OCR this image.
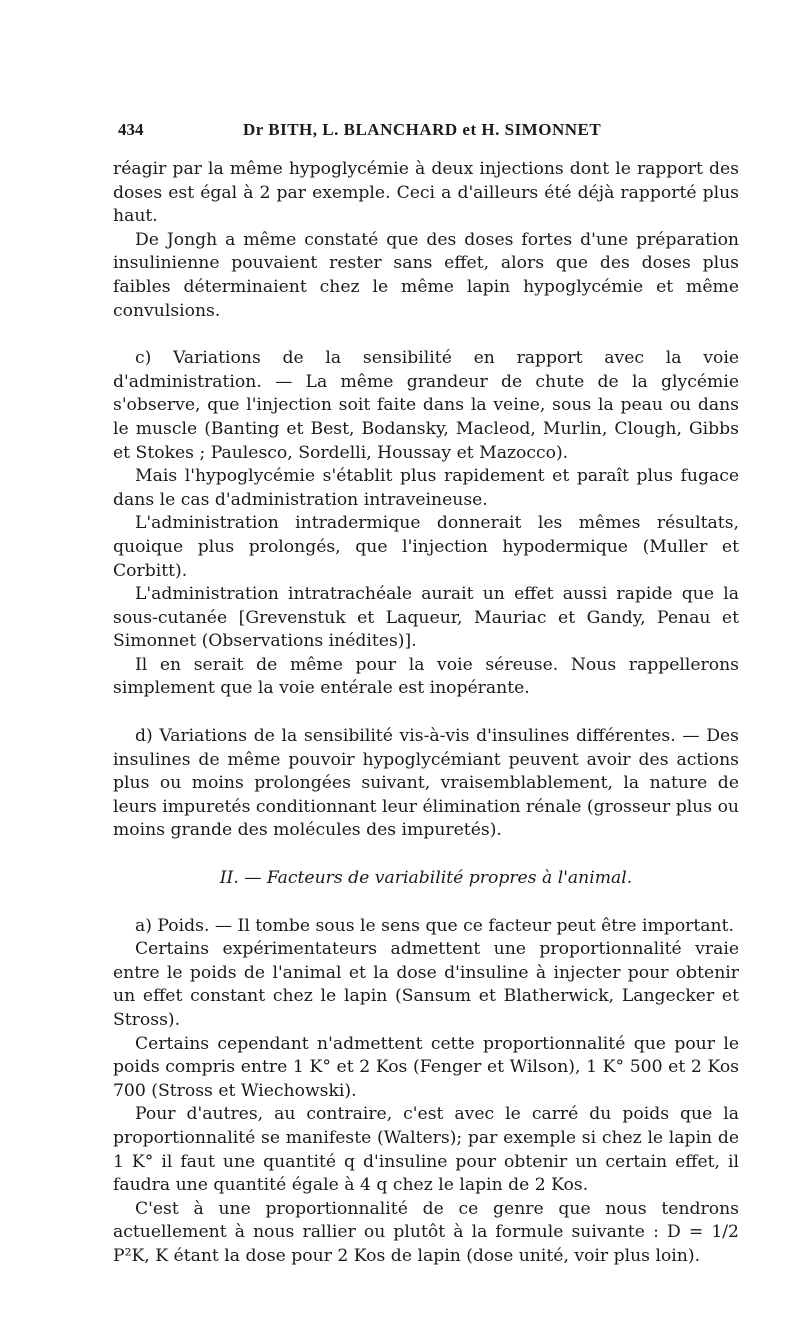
434	Dr BITH, L. BLANCHARD et H. SIMONNET

réagir par la même hypoglycémie à deux injections dont le rapport des doses est égal à 2 par exemple. Ceci a d'ailleurs été déjà rapporté plus haut.

De Jongh a même constaté que des doses fortes d'une préparation insulinienne pouvaient rester sans effet, alors que des doses plus faibles déterminaient chez le même lapin hypoglycémie et même convulsions.

c) Variations de la sensibilité en rapport avec la voie d'administration. — La même grandeur de chute de la glycémie s'observe, que l'injection soit faite dans la veine, sous la peau ou dans le muscle (Banting et Best, Bodansky, Macleod, Murlin, Clough, Gibbs et Stokes ; Paulesco, Sordelli, Houssay et Mazocco).

Mais l'hypoglycémie s'établit plus rapidement et paraît plus fugace dans le cas d'administration intraveineuse.

L'administration intradermique donnerait les mêmes résultats, quoique plus prolongés, que l'injection hypodermique (Muller et Corbitt).

L'administration intratrachéale aurait un effet aussi rapide que la sous-cutanée [Grevenstuk et Laqueur, Mauriac et Gandy, Penau et Simonnet (Observations inédites)].

Il en serait de même pour la voie séreuse. Nous rappellerons simplement que la voie entérale est inopérante.

d) Variations de la sensibilité vis-à-vis d'insulines différentes. — Des insulines de même pouvoir hypoglycémiant peuvent avoir des actions plus ou moins prolongées suivant, vraisemblablement, la nature de leurs impuretés conditionnant leur élimination rénale (grosseur plus ou moins grande des molécules des impuretés).

II. — Facteurs de variabilité propres à l'animal.

a) Poids. — Il tombe sous le sens que ce facteur peut être important.

Certains expérimentateurs admettent une proportionnalité vraie entre le poids de l'animal et la dose d'insuline à injecter pour obtenir un effet constant chez le lapin (Sansum et Blatherwick, Langecker et Stross).

Certains cependant n'admettent cette proportionnalité que pour le poids compris entre 1 K° et 2 Kos (Fenger et Wilson), 1 K° 500 et 2 Kos 700 (Stross et Wiechowski).

Pour d'autres, au contraire, c'est avec le carré du poids que la proportionnalité se manifeste (Walters); par exemple si chez le lapin de 1 K° il faut une quantité q d'insuline pour obtenir un certain effet, il faudra une quantité égale à 4 q chez le lapin de 2 Kos.

C'est à une proportionnalité de ce genre que nous tendrons actuellement à nous rallier ou plutôt à la formule suivante : D = 1/2 P²K, K étant la dose pour 2 Kos de lapin (dose unité, voir plus loin).
